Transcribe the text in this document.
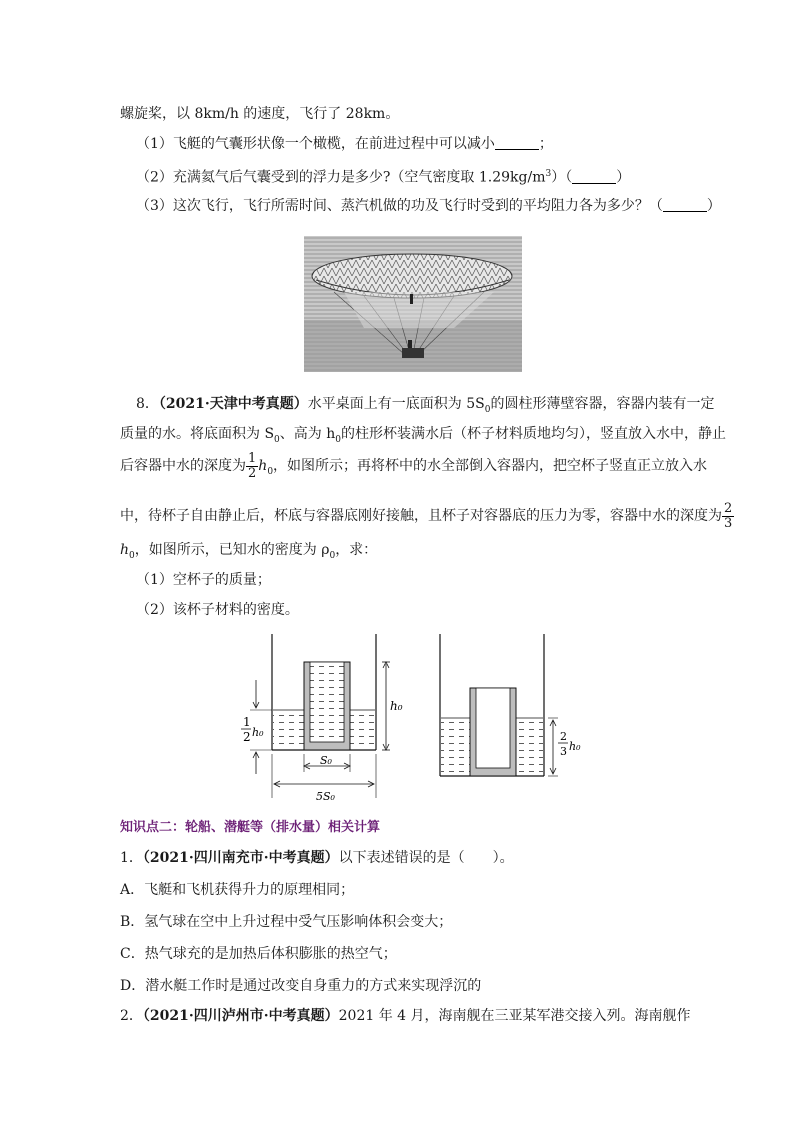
螺旋桨，以 8km/h 的速度，飞行了 28km。
（1）飞艇的气囊形状像一个橄榄，在前进过程中可以减小	；
（2）充满氦气后气囊受到的浮力是多少?（空气密度取 $1.29kg/m^3$）（	）
（3）这次飞行，飞行所需时间、蒸汽机做的功及飞行时受到的平均阻力各为多少？（	）
8．（2021·天津中考真题）水平桌面上有一底面积为 $5S_0$的圆柱形薄壁容器，容器内装有一定
质量的水。将底面积为 $S_0$、高为 $h_0$的柱形杯装满水后（杯子材料质地均匀），竖直放入水中，静止
后容器中水的深度为 $\frac{1}{2} h_0$，如图所示；再将杯中的水全部倒入容器内，把空杯子竖直正立放入水
中，待杯子自由静止后，杯底与容器底刚好接触，且杯子对容器底的压力为零，容器中水的深度为 $\frac{2}{3}$
$h_0$，如图所示，已知水的密度为 $\rho_0$，求：
（1）空杯子的质量；
（2）该杯子材料的密度。
h₀
1
2 h₀
S₀
5S₀
2
3 h₀
知识点二：轮船、潜艇等（排水量）相关计算
1．（2021·四川南充市·中考真题）以下表述错误的是（　　）。
A．飞艇和飞机获得升力的原理相同；
B．氢气球在空中上升过程中受气压影响体积会变大；
C．热气球充的是加热后体积膨胀的热空气；
D．潜水艇工作时是通过改变自身重力的方式来实现浮沉的
2．（2021·四川泸州市·中考真题）2021 年 4 月，海南舰在三亚某军港交接入列。海南舰作
